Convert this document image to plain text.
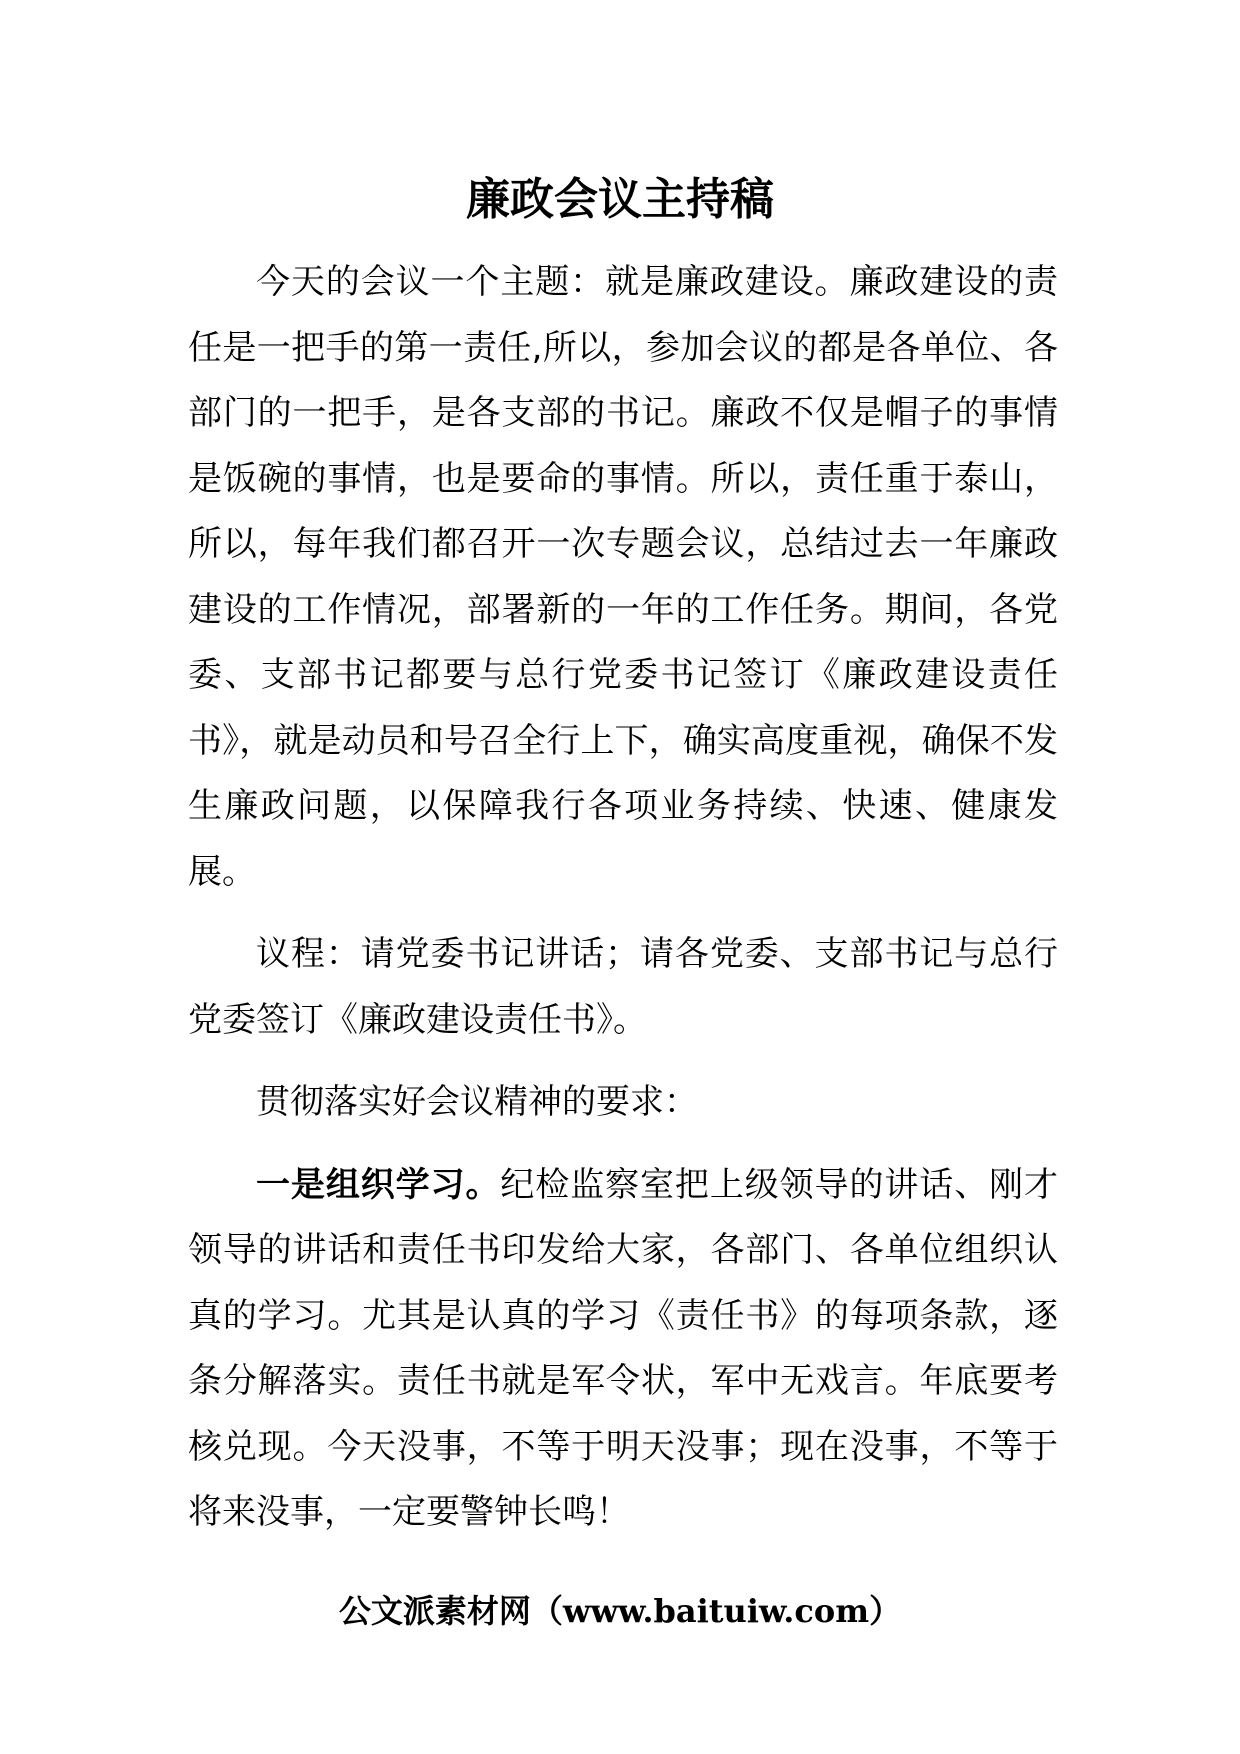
廉政会议主持稿

今天的会议一个主题：就是廉政建设。廉政建设的责任是一把手的第一责任,所以，参加会议的都是各单位、各部门的一把手，是各支部的书记。廉政不仅是帽子的事情是饭碗的事情，也是要命的事情。所以，责任重于泰山，所以，每年我们都召开一次专题会议，总结过去一年廉政建设的工作情况，部署新的一年的工作任务。期间，各党委、支部书记都要与总行党委书记签订《廉政建设责任书》，就是动员和号召全行上下，确实高度重视，确保不发生廉政问题，以保障我行各项业务持续、快速、健康发展。

议程：请党委书记讲话；请各党委、支部书记与总行党委签订《廉政建设责任书》。

贯彻落实好会议精神的要求：

一是组织学习。纪检监察室把上级领导的讲话、刚才领导的讲话和责任书印发给大家，各部门、各单位组织认真的学习。尤其是认真的学习《责任书》的每项条款，逐条分解落实。责任书就是军令状，军中无戏言。年底要考核兑现。今天没事，不等于明天没事；现在没事，不等于将来没事，一定要警钟长鸣！

公文派素材网（www.baituiw.com）
